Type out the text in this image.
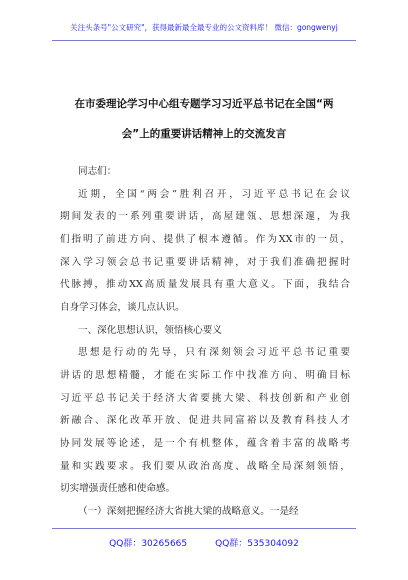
关注头条号"公文研究"，获得最新最全最专业的公文资料库！ 微信：gongwenyj
在市委理论学习中心组专题学习习近平总书记在全国“两
会”上的重要讲话精神上的交流发言
同志们：
近期，全国“两会”胜利召开，习近平总书记在会议
期间发表的一系列重要讲话，高屋建瓴、思想深邃，为我
们指明了前进方向、提供了根本遵循。作为XX市的一员，
深入学习领会总书记重要讲话精神，对于我们准确把握时
代脉搏，推动XX高质量发展具有重大意义。下面，我结合
自身学习体会，谈几点认识。
一、深化思想认识，领悟核心要义
思想是行动的先导，只有深刻领会习近平总书记重要
讲话的思想精髓，才能在实际工作中找准方向、明确目标
习近平总书记关于经济大省要挑大梁、科技创新和产业创
新融合、深化改革开放、促进共同富裕以及教育科技人才
协同发展等论述，是一个有机整体，蕴含着丰富的战略考
量和实践要求。我们要从政治高度、战略全局深刻领悟，
切实增强责任感和使命感。
（一）深刻把握经济大省挑大梁的战略意义。一是经
QQ群：30265665	QQ群：535304092
